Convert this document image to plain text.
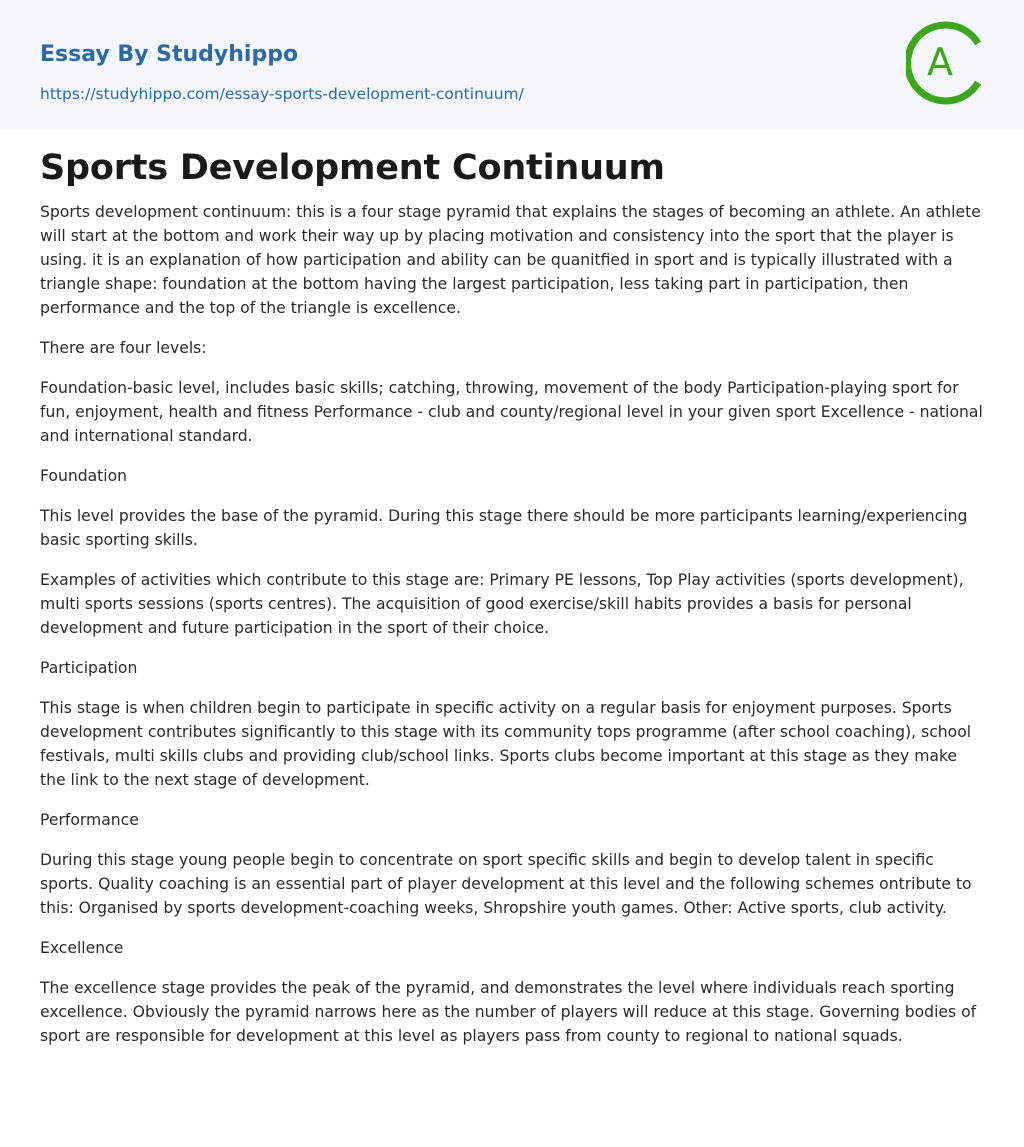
Essay By Studyhippo
https://studyhippo.com/essay-sports-development-continuum/
A
Sports Development Continuum

Sports development continuum: this is a four stage pyramid that explains the stages of becoming an athlete. An athlete will start at the bottom and work their way up by placing motivation and consistency into the sport that the player is using. it is an explanation of how participation and ability can be quanitfied in sport and is typically illustrated with a triangle shape: foundation at the bottom having the largest participation, less taking part in participation, then performance and the top of the triangle is excellence.

There are four levels:

Foundation-basic level, includes basic skills; catching, throwing, movement of the body Participation-playing sport for fun, enjoyment, health and fitness Performance - club and county/regional level in your given sport Excellence - national and international standard.

Foundation

This level provides the base of the pyramid. During this stage there should be more participants learning/experiencing basic sporting skills.

Examples of activities which contribute to this stage are: Primary PE lessons, Top Play activities (sports development), multi sports sessions (sports centres). The acquisition of good exercise/skill habits provides a basis for personal development and future participation in the sport of their choice.

Participation

This stage is when children begin to participate in specific activity on a regular basis for enjoyment purposes. Sports development contributes significantly to this stage with its community tops programme (after school coaching), school festivals, multi skills clubs and providing club/school links. Sports clubs become important at this stage as they make the link to the next stage of development.

Performance

During this stage young people begin to concentrate on sport specific skills and begin to develop talent in specific sports. Quality coaching is an essential part of player development at this level and the following schemes ontribute to this: Organised by sports development-coaching weeks, Shropshire youth games. Other: Active sports, club activity.

Excellence

The excellence stage provides the peak of the pyramid, and demonstrates the level where individuals reach sporting excellence. Obviously the pyramid narrows here as the number of players will reduce at this stage. Governing bodies of sport are responsible for development at this level as players pass from county to regional to national squads.
